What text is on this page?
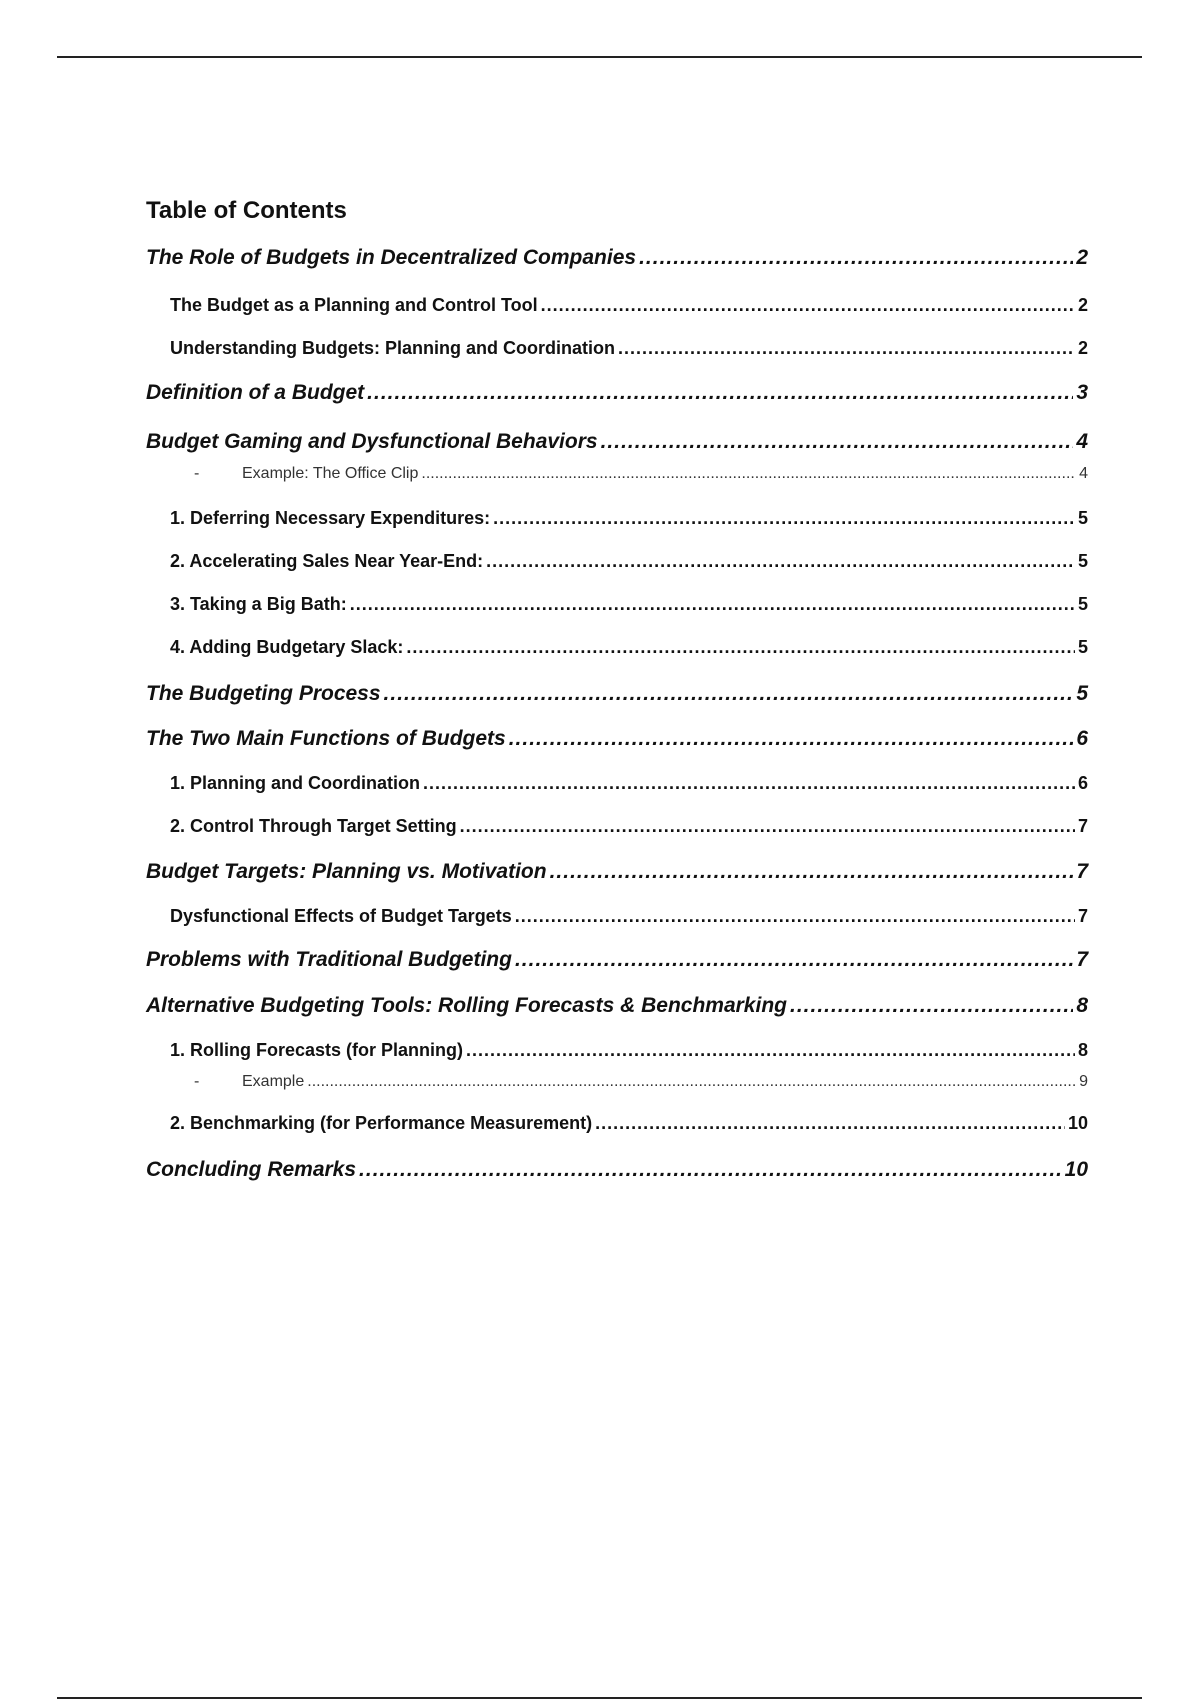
Table of Contents
The Role of Budgets in Decentralized Companies .....	2
The Budget as a Planning and Control Tool .....	2
Understanding Budgets: Planning and Coordination .....	2
Definition of a Budget .....	3
Budget Gaming and Dysfunctional Behaviors .....	4
-	Example: The Office Clip .....	4
1. Deferring Necessary Expenditures: .....	5
2. Accelerating Sales Near Year-End: .....	5
3. Taking a Big Bath: .....	5
4. Adding Budgetary Slack: .....	5
The Budgeting Process .....	5
The Two Main Functions of Budgets .....	6
1. Planning and Coordination .....	6
2. Control Through Target Setting .....	7
Budget Targets: Planning vs. Motivation .....	7
Dysfunctional Effects of Budget Targets .....	7
Problems with Traditional Budgeting .....	7
Alternative Budgeting Tools: Rolling Forecasts & Benchmarking .....	8
1. Rolling Forecasts (for Planning) .....	8
-	Example .....	9
2. Benchmarking (for Performance Measurement) .....	10
Concluding Remarks .....	10
